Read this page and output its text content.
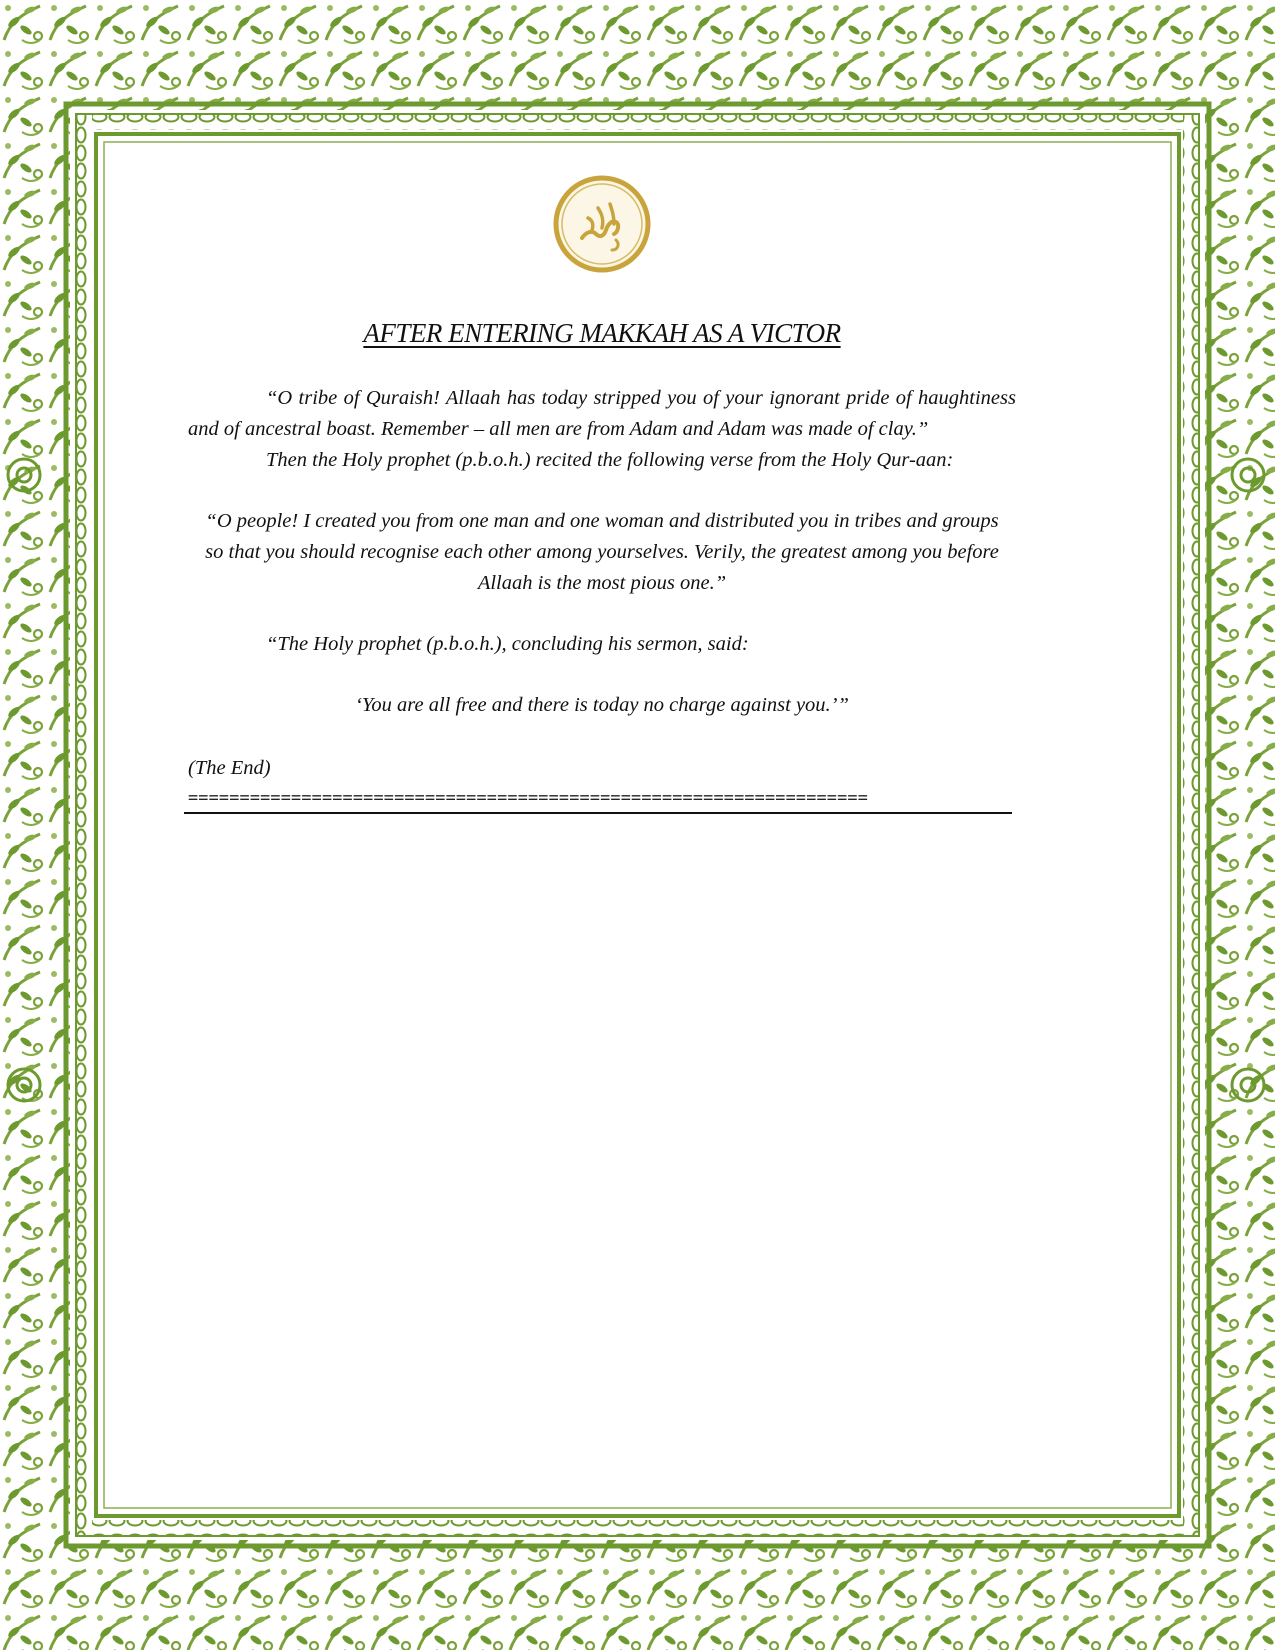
AFTER ENTERING MAKKAH AS A VICTOR

“O tribe of Quraish! Allaah has today stripped you of your ignorant pride of haughtiness and of ancestral boast. Remember – all men are from Adam and Adam was made of clay.”

Then the Holy prophet (p.b.o.h.) recited the following verse from the Holy Qur-aan:

“O people! I created you from one man and one woman and distributed you in tribes and groups so that you should recognise each other among yourselves. Verily, the greatest among you before Allaah is the most pious one.”

“The Holy prophet (p.b.o.h.), concluding his sermon, said:

‘You are all free and there is today no charge against you.’”

(The End)

==================================================================
